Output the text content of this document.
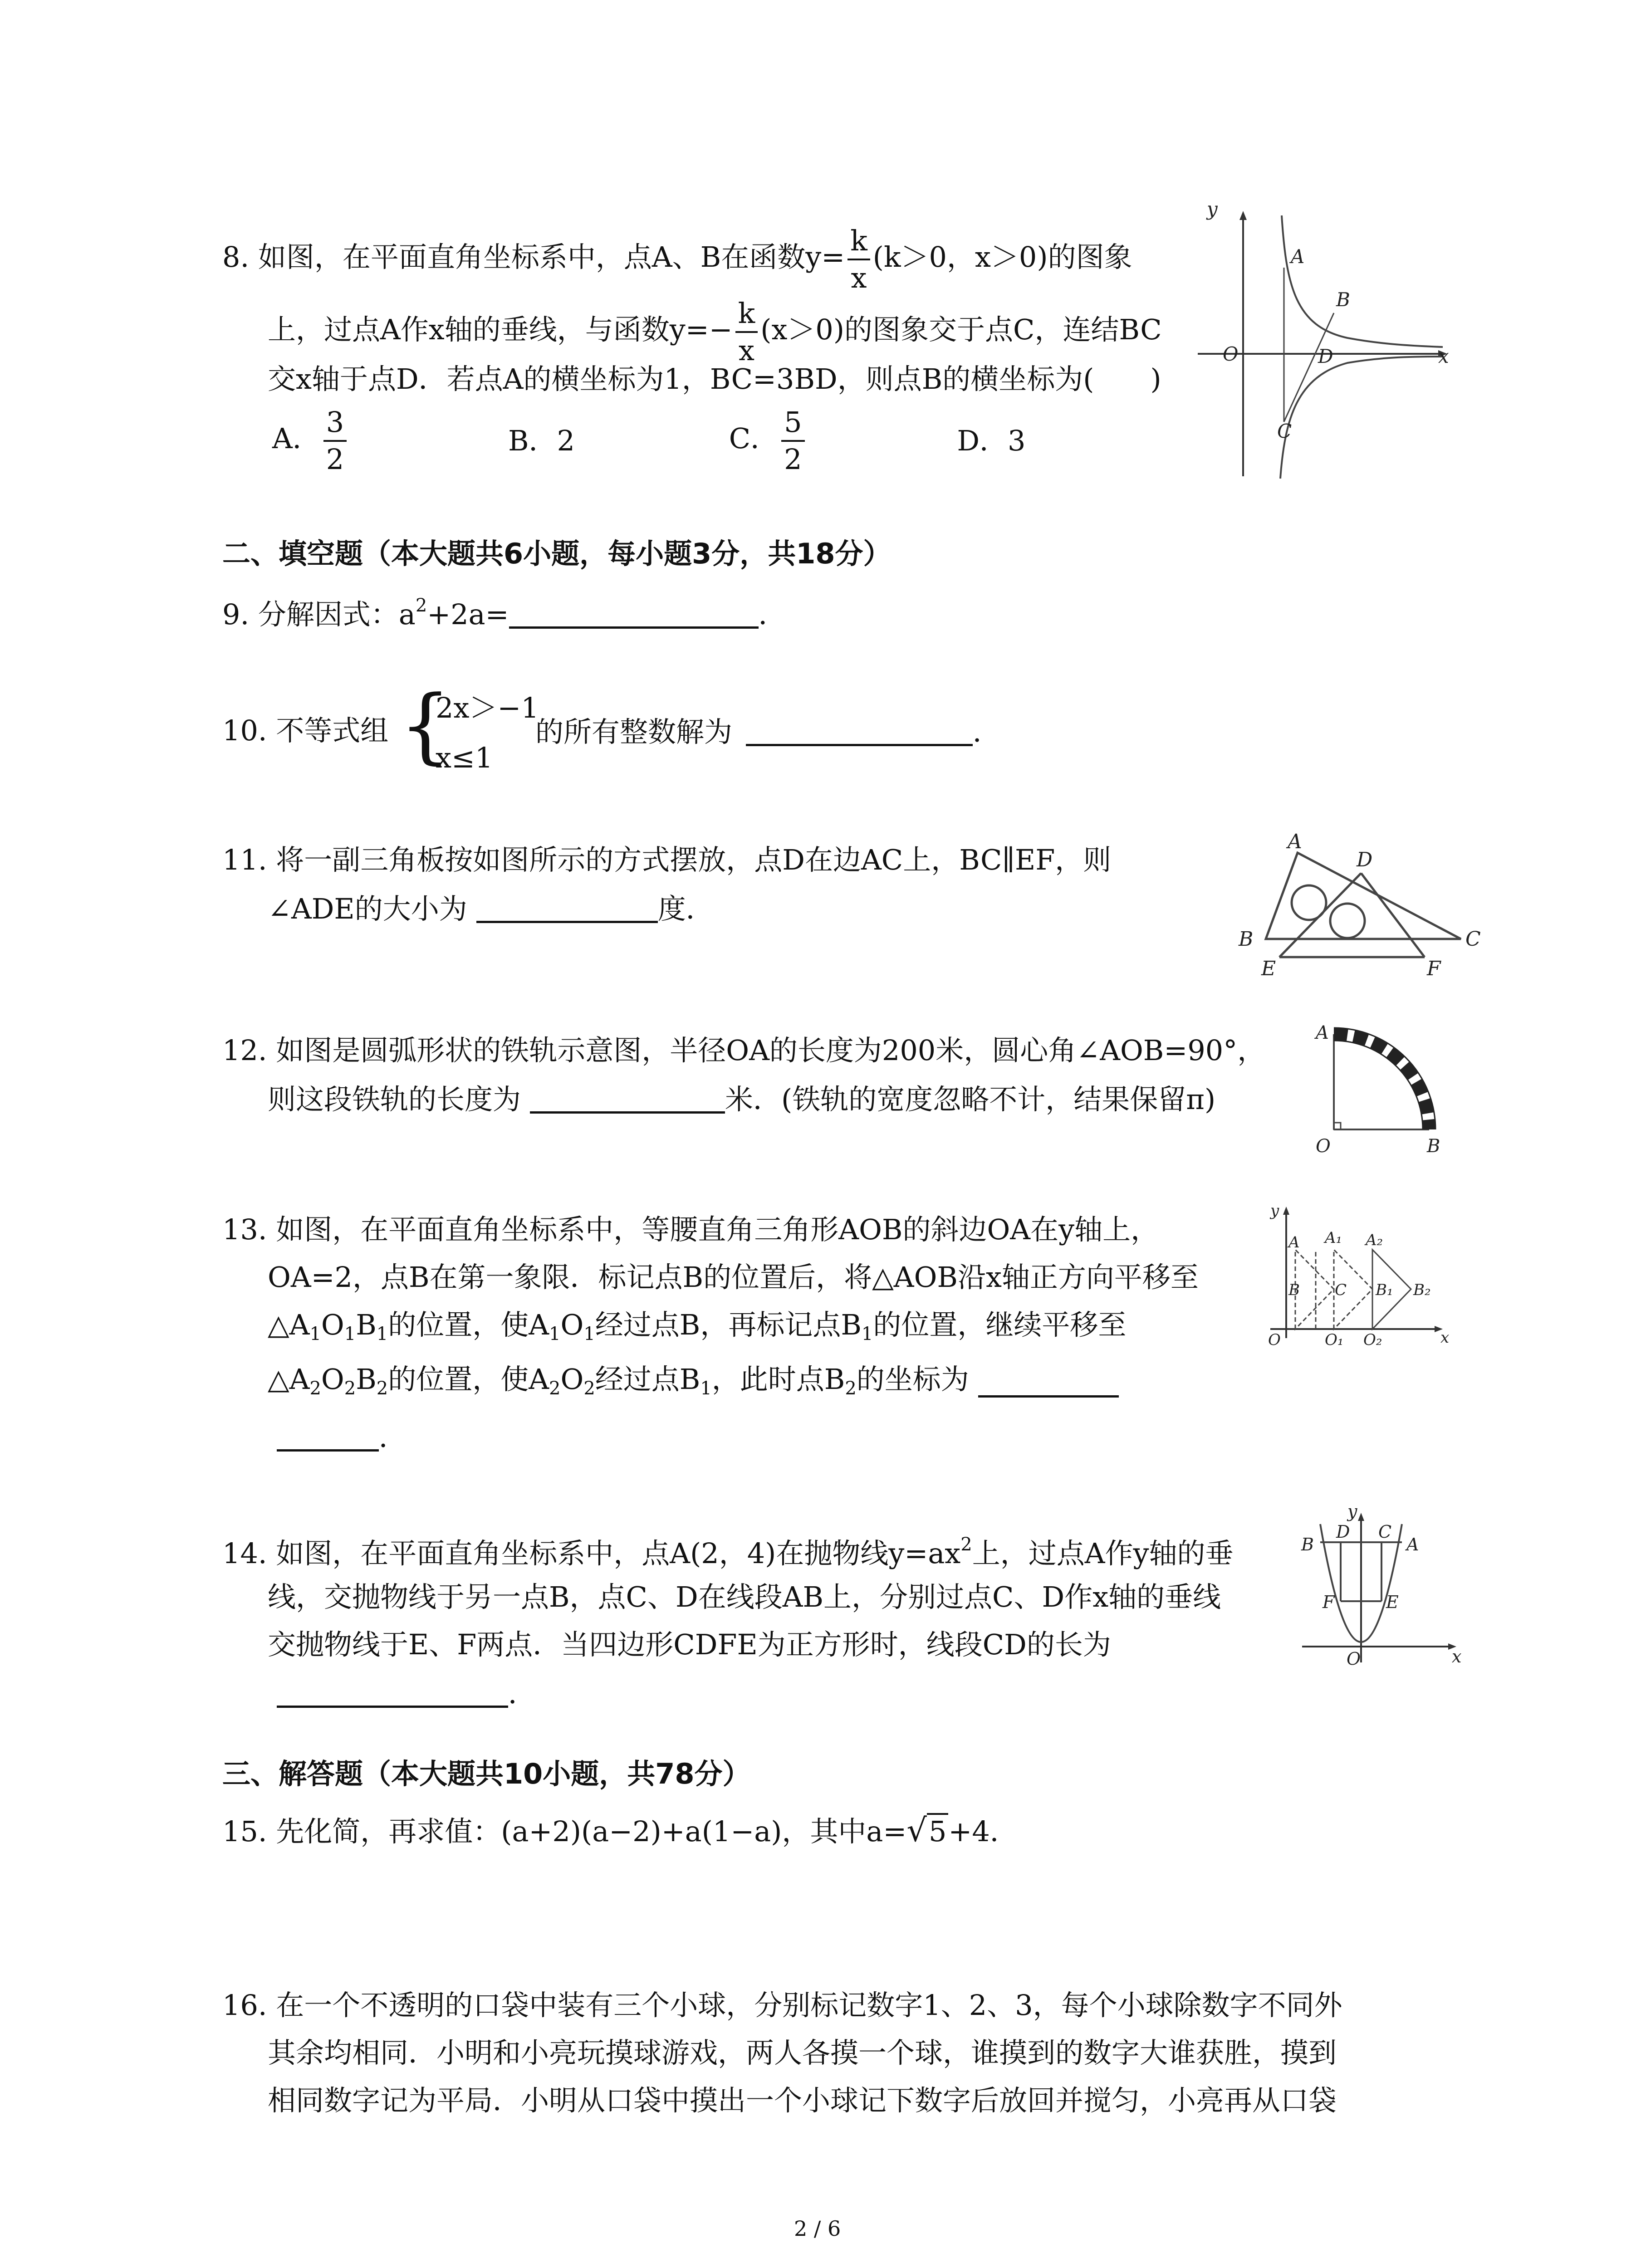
8. 如图，在平面直角坐标系中，点A、B在函数$y= \frac{k}{x} (k>0$，x＞0)的图象
上，过点A作x轴的垂线，与函数$y=- \frac{k}{x} (x>0)$的图象交于点C，连结BC
交x轴于点D．若点A的横坐标为1，BC=3BD，则点B的横坐标为(　　)
A． $\frac{3}{2}$	B．2	C． $\frac{5}{2}$	D．3
y
A
B
O	D	x
C
二、填空题（本大题共6小题，每小题3分，共18分）
9. 分解因式：$a^2+2a=$	．
10. 不等式组 {
2x＞−1
x≤1
的所有整数解为	．
11. 将一副三角板按如图所示的方式摆放，点D在边AC上，BC∥EF，则
∠ADE的大小为	度．
A
D
B	C
E	F
12. 如图是圆弧形状的铁轨示意图，半径OA的长度为200米，圆心角∠AOB=90°，
则这段铁轨的长度为	米．(铁轨的宽度忽略不计，结果保留π)
A
O	B
13. 如图，在平面直角坐标系中，等腰直角三角形AOB的斜边OA在y轴上，
OA=2，点B在第一象限．标记点B的位置后，将△AOB沿x轴正方向平移至
$\triangle A_1O_1B_1$的位置，使$A_1O_1$经过点B，再标记点$B_1$的位置，继续平移至
$\triangle A_2O_2B_2$的位置，使$A_2O_2$经过点$B_1$，此时点$B_2$的坐标为
．
y
A A₁ A₂
B C B₁ B₂
O	O₁ O₂	x
14. 如图，在平面直角坐标系中，点A(2，4)在抛物线$y=ax^2$上，过点A作y轴的垂
线，交抛物线于另一点B，点C、D在线段AB上，分别过点C、D作x轴的垂线
交抛物线于E、F两点．当四边形CDFE为正方形时，线段CD的长为
．
y
B
D C
A
F	E
O	x
三、解答题（本大题共10小题，共78分）
15. 先化简，再求值：(a+2)(a−2)+a(1−a)，其中a=√5+4．
16. 在一个不透明的口袋中装有三个小球，分别标记数字1、2、3，每个小球除数字不同外
其余均相同．小明和小亮玩摸球游戏，两人各摸一个球，谁摸到的数字大谁获胜，摸到
相同数字记为平局．小明从口袋中摸出一个小球记下数字后放回并搅匀，小亮再从口袋
2 / 6
